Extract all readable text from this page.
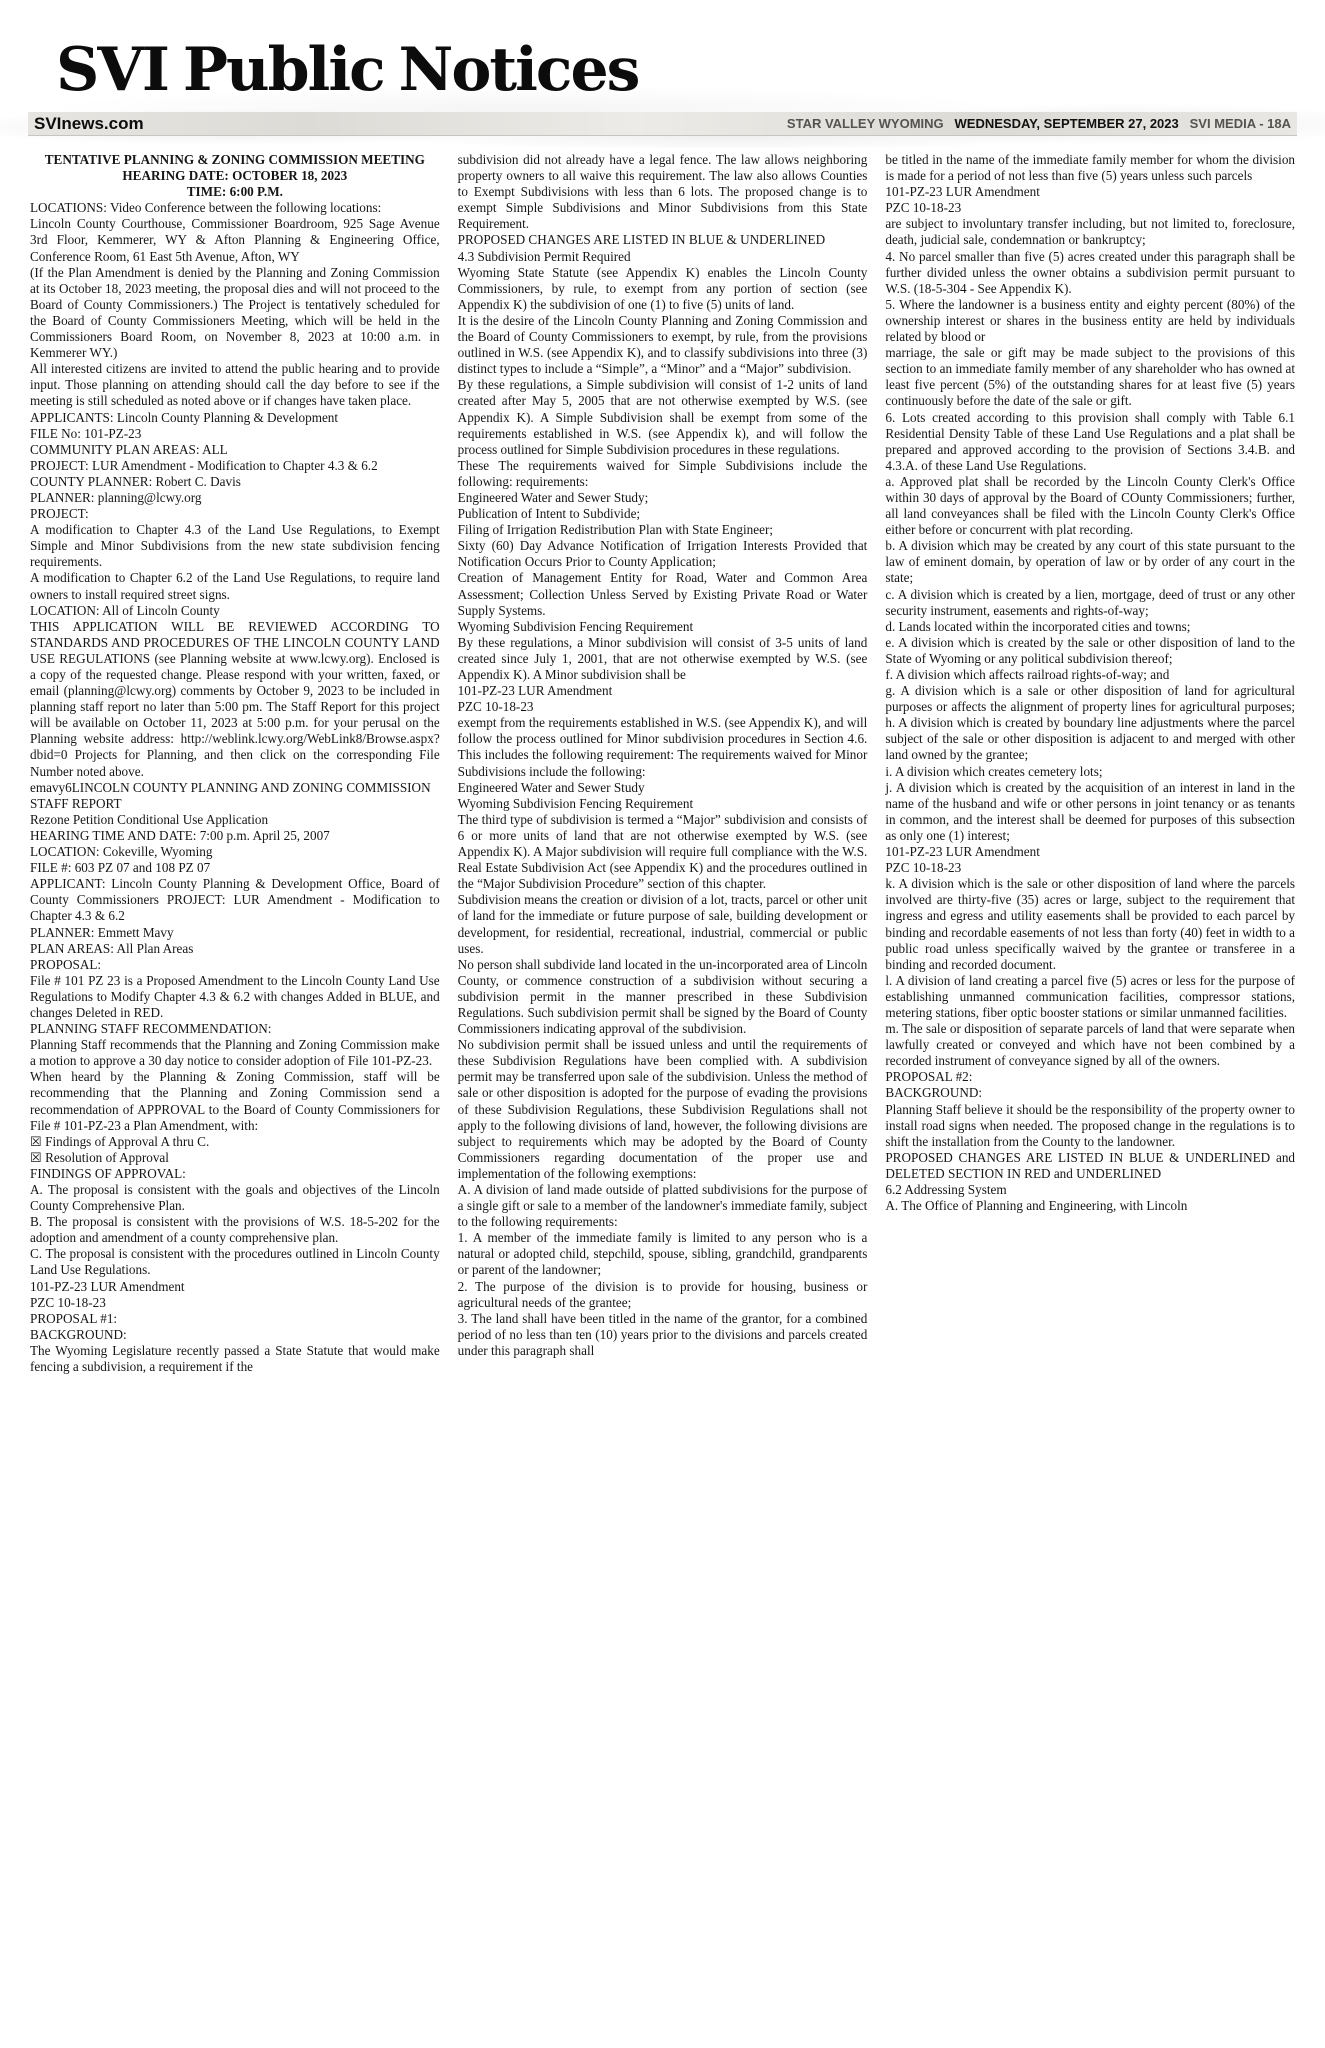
SVI Public Notices
SVInews.com	STAR VALLEY WYOMING WEDNESDAY, SEPTEMBER 27, 2023 SVI MEDIA - 18A

TENTATIVE PLANNING & ZONING COMMISSION MEETING

HEARING DATE: OCTOBER 18, 2023

TIME: 6:00 P.M.

LOCATIONS: Video Conference between the following locations:

Lincoln County Courthouse, Commissioner Boardroom, 925 Sage Avenue 3rd Floor, Kemmerer, WY & Afton Planning & Engineering Office, Conference Room, 61 East 5th Avenue, Afton, WY

(If the Plan Amendment is denied by the Planning and Zoning Commission at its October 18, 2023 meeting, the proposal dies and will not proceed to the Board of County Commissioners.) The Project is tentatively scheduled for the Board of County Commissioners Meeting, which will be held in the Commissioners Board Room, on November 8, 2023 at 10:00 a.m. in Kemmerer WY.)

All interested citizens are invited to attend the public hearing and to provide input. Those planning on attending should call the day before to see if the meeting is still scheduled as noted above or if changes have taken place.

APPLICANTS: Lincoln County Planning & Development

FILE No: 101-PZ-23

COMMUNITY PLAN AREAS: ALL

PROJECT: LUR Amendment - Modification to Chapter 4.3 & 6.2

COUNTY PLANNER: Robert C. Davis

PLANNER: planning@lcwy.org

PROJECT:

A modification to Chapter 4.3 of the Land Use Regulations, to Exempt Simple and Minor Subdivisions from the new state subdivision fencing requirements.

A modification to Chapter 6.2 of the Land Use Regulations, to require land owners to install required street signs.

LOCATION: All of Lincoln County

THIS APPLICATION WILL BE REVIEWED ACCORDING TO STANDARDS AND PROCEDURES OF THE LINCOLN COUNTY LAND USE REGULATIONS (see Planning website at www.lcwy.org). Enclosed is a copy of the requested change. Please respond with your written, faxed, or email (planning@lcwy.org) comments by October 9, 2023 to be included in planning staff report no later than 5:00 pm. The Staff Report for this project will be available on October 11, 2023 at 5:00 p.m. for your perusal on the Planning website address: http://weblink.lcwy.org/WebLink8/Browse.aspx?dbid=0 Projects for Planning, and then click on the corresponding File Number noted above.

emavy6LINCOLN COUNTY PLANNING AND ZONING COMMISSION

STAFF REPORT

Rezone Petition Conditional Use Application

HEARING TIME AND DATE: 7:00 p.m. April 25, 2007

LOCATION: Cokeville, Wyoming

FILE #: 603 PZ 07 and 108 PZ 07

APPLICANT: Lincoln County Planning & Development Office, Board of County Commissioners PROJECT: LUR Amendment - Modification to Chapter 4.3 & 6.2

PLANNER: Emmett Mavy

PLAN AREAS: All Plan Areas

PROPOSAL:

File # 101 PZ 23 is a Proposed Amendment to the Lincoln County Land Use Regulations to Modify Chapter 4.3 & 6.2 with changes Added in BLUE, and changes Deleted in RED.

PLANNING STAFF RECOMMENDATION:

Planning Staff recommends that the Planning and Zoning Commission make a motion to approve a 30 day notice to consider adoption of File 101-PZ-23.

When heard by the Planning & Zoning Commission, staff will be recommending that the Planning and Zoning Commission send a recommendation of APPROVAL to the Board of County Commissioners for File # 101-PZ-23 a Plan Amendment, with:

☒ Findings of Approval A thru C.

☒ Resolution of Approval

FINDINGS OF APPROVAL:

A. The proposal is consistent with the goals and objectives of the Lincoln County Comprehensive Plan.

B. The proposal is consistent with the provisions of W.S. 18-5-202 for the adoption and amendment of a county comprehensive plan.

C. The proposal is consistent with the procedures outlined in Lincoln County Land Use Regulations.

101-PZ-23 LUR Amendment

PZC 10-18-23

PROPOSAL #1:

BACKGROUND:

The Wyoming Legislature recently passed a State Statute that would make fencing a subdivision, a requirement if the

subdivision did not already have a legal fence. The law allows neighboring property owners to all waive this requirement. The law also allows Counties to Exempt Subdivisions with less than 6 lots. The proposed change is to exempt Simple Subdivisions and Minor Subdivisions from this State Requirement.

PROPOSED CHANGES ARE LISTED IN BLUE & UNDERLINED

4.3 Subdivision Permit Required

Wyoming State Statute (see Appendix K) enables the Lincoln County Commissioners, by rule, to exempt from any portion of section (see Appendix K) the subdivision of one (1) to five (5) units of land.

It is the desire of the Lincoln County Planning and Zoning Commission and the Board of County Commissioners to exempt, by rule, from the provisions outlined in W.S. (see Appendix K), and to classify subdivisions into three (3) distinct types to include a “Simple”, a “Minor” and a “Major” subdivision.

By these regulations, a Simple subdivision will consist of 1-2 units of land created after May 5, 2005 that are not otherwise exempted by W.S. (see Appendix K). A Simple Subdivision shall be exempt from some of the requirements established in W.S. (see Appendix k), and will follow the process outlined for Simple Subdivision procedures in these regulations.

These The requirements waived for Simple Subdivisions include the following: requirements:

Engineered Water and Sewer Study;

Publication of Intent to Subdivide;

Filing of Irrigation Redistribution Plan with State Engineer;

Sixty (60) Day Advance Notification of Irrigation Interests Provided that Notification Occurs Prior to County Application;

Creation of Management Entity for Road, Water and Common Area Assessment; Collection Unless Served by Existing Private Road or Water Supply Systems.

Wyoming Subdivision Fencing Requirement

By these regulations, a Minor subdivision will consist of 3-5 units of land created since July 1, 2001, that are not otherwise exempted by W.S. (see Appendix K). A Minor subdivision shall be

101-PZ-23 LUR Amendment

PZC 10-18-23

exempt from the requirements established in W.S. (see Appendix K), and will follow the process outlined for Minor subdivision procedures in Section 4.6. This includes the following requirement: The requirements waived for Minor Subdivisions include the following:

Engineered Water and Sewer Study

Wyoming Subdivision Fencing Requirement

The third type of subdivision is termed a “Major” subdivision and consists of 6 or more units of land that are not otherwise exempted by W.S. (see Appendix K). A Major subdivision will require full compliance with the W.S. Real Estate Subdivision Act (see Appendix K) and the procedures outlined in the “Major Subdivision Procedure” section of this chapter.

Subdivision means the creation or division of a lot, tracts, parcel or other unit of land for the immediate or future purpose of sale, building development or development, for residential, recreational, industrial, commercial or public uses.

No person shall subdivide land located in the un-incorporated area of Lincoln County, or commence construction of a subdivision without securing a subdivision permit in the manner prescribed in these Subdivision Regulations. Such subdivision permit shall be signed by the Board of County Commissioners indicating approval of the subdivision.

No subdivision permit shall be issued unless and until the requirements of these Subdivision Regulations have been complied with. A subdivision permit may be transferred upon sale of the subdivision. Unless the method of sale or other disposition is adopted for the purpose of evading the provisions of these Subdivision Regulations, these Subdivision Regulations shall not apply to the following divisions of land, however, the following divisions are subject to requirements which may be adopted by the Board of County Commissioners regarding documentation of the proper use and implementation of the following exemptions:

A. A division of land made outside of platted subdivisions for the purpose of a single gift or sale to a member of the landowner's immediate family, subject to the following requirements:

1. A member of the immediate family is limited to any person who is a natural or adopted child, stepchild, spouse, sibling, grandchild, grandparents or parent of the landowner;

2. The purpose of the division is to provide for housing, business or agricultural needs of the grantee;

3. The land shall have been titled in the name of the grantor, for a combined period of no less than ten (10) years prior to the divisions and parcels created under this paragraph shall

be titled in the name of the immediate family member for whom the division is made for a period of not less than five (5) years unless such parcels

101-PZ-23 LUR Amendment

PZC 10-18-23

are subject to involuntary transfer including, but not limited to, foreclosure, death, judicial sale, condemnation or bankruptcy;

4. No parcel smaller than five (5) acres created under this paragraph shall be further divided unless the owner obtains a subdivision permit pursuant to W.S. (18-5-304 - See Appendix K).

5. Where the landowner is a business entity and eighty percent (80%) of the ownership interest or shares in the business entity are held by individuals related by blood or

marriage, the sale or gift may be made subject to the provisions of this section to an immediate family member of any shareholder who has owned at least five percent (5%) of the outstanding shares for at least five (5) years continuously before the date of the sale or gift.

6. Lots created according to this provision shall comply with Table 6.1 Residential Density Table of these Land Use Regulations and a plat shall be prepared and approved according to the provision of Sections 3.4.B. and 4.3.A. of these Land Use Regulations.

a. Approved plat shall be recorded by the Lincoln County Clerk's Office within 30 days of approval by the Board of COunty Commissioners; further, all land conveyances shall be filed with the Lincoln County Clerk's Office either before or concurrent with plat recording.

b. A division which may be created by any court of this state pursuant to the law of eminent domain, by operation of law or by order of any court in the state;

c. A division which is created by a lien, mortgage, deed of trust or any other security instrument, easements and rights-of-way;

d. Lands located within the incorporated cities and towns;

e. A division which is created by the sale or other disposition of land to the State of Wyoming or any political subdivision thereof;

f. A division which affects railroad rights-of-way; and

g. A division which is a sale or other disposition of land for agricultural purposes or affects the alignment of property lines for agricultural purposes; h. A division which is created by boundary line adjustments where the parcel subject of the sale or other disposition is adjacent to and merged with other land owned by the grantee;

i. A division which creates cemetery lots;

j. A division which is created by the acquisition of an interest in land in the name of the husband and wife or other persons in joint tenancy or as tenants in common, and the interest shall be deemed for purposes of this subsection as only one (1) interest;

101-PZ-23 LUR Amendment

PZC 10-18-23

k. A division which is the sale or other disposition of land where the parcels involved are thirty-five (35) acres or large, subject to the requirement that ingress and egress and utility easements shall be provided to each parcel by binding and recordable easements of not less than forty (40) feet in width to a public road unless specifically waived by the grantee or transferee in a binding and recorded document.

l. A division of land creating a parcel five (5) acres or less for the purpose of establishing unmanned communication facilities, compressor stations, metering stations, fiber optic booster stations or similar unmanned facilities.

m. The sale or disposition of separate parcels of land that were separate when lawfully created or conveyed and which have not been combined by a recorded instrument of conveyance signed by all of the owners.

PROPOSAL #2:

BACKGROUND:

Planning Staff believe it should be the responsibility of the property owner to install road signs when needed. The proposed change in the regulations is to shift the installation from the County to the landowner.

PROPOSED CHANGES ARE LISTED IN BLUE & UNDERLINED and DELETED SECTION IN RED and UNDERLINED

6.2 Addressing System

A. The Office of Planning and Engineering, with Lincoln
